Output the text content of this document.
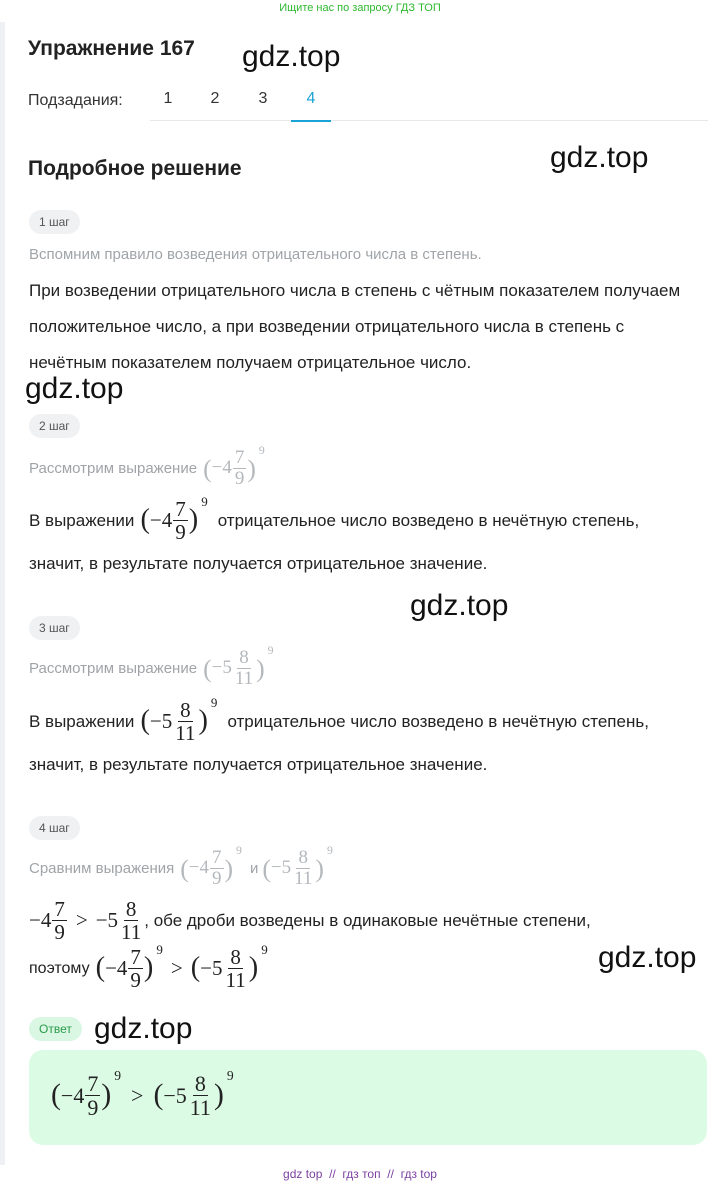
Ищите нас по запросу ГДЗ ТОП
Упражнение 167
Подзадания:	1	2	3	4
Подробное решение
1 шаг
Вспомним правило возведения отрицательного числа в степень.
При возведении отрицательного числа в степень с чётным показателем получаем положительное число, а при возведении отрицательного числа в степень с нечётным показателем получаем отрицательное число.
2 шаг
Рассмотрим выражение ( − $4 \frac{7}{9}$ )
9
В выражении ( − $4 \frac{7}{9}$ )
9
отрицательное число возведено в нечётную степень,
значит, в результате получается отрицательное значение.
3 шаг
Рассмотрим выражение ( − $5 \frac{8}{11}$ )
9
В выражении ( − $5 \frac{8}{11}$ )
9
отрицательное число возведено в нечётную степень,
значит, в результате получается отрицательное значение.
4 шаг
Сравним выражения ( − $4 \frac{7}{9}$ )
9
и ( − $5 \frac{8}{11}$ )
9
− $4 \frac{7}{9}$ > − $5 \frac{8}{11}$ , обе дроби возведены в одинаковые нечётные степени,
поэтому ( − $4 \frac{7}{9}$ )
9
> ( − $5 \frac{8}{11}$ )
9
Ответ
( − $4 \frac{7}{9}$ )
9
> ( − $5 \frac{8}{11}$ )
9
gdz.top
gdz.top
gdz.top
gdz.top
gdz.top
gdz.top
gdz top  //  гдз топ  //  гдз top
